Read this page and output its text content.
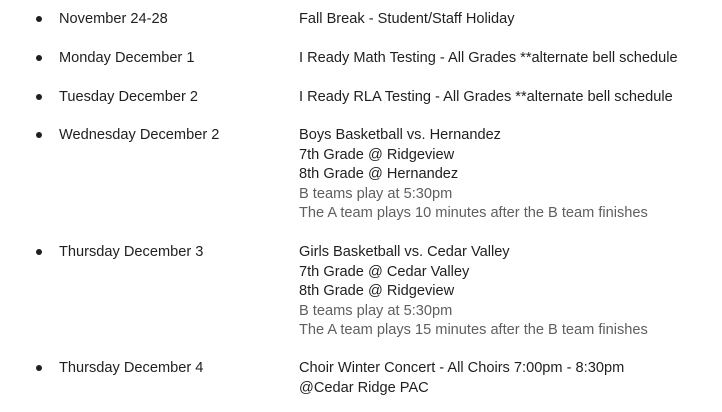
November 24-28	Fall Break - Student/Staff Holiday
Monday December 1	I Ready Math Testing - All Grades **alternate bell schedule
Tuesday December 2	I Ready RLA Testing - All Grades **alternate bell schedule
Wednesday December 2	Boys Basketball vs. Hernandez
7th Grade @ Ridgeview
8th Grade @ Hernandez
B teams play at 5:30pm
The A team plays 10 minutes after the B team finishes
Thursday December 3	Girls Basketball vs. Cedar Valley
7th Grade @ Cedar Valley
8th Grade @ Ridgeview
B teams play at 5:30pm
The A team plays 15 minutes after the B team finishes
Thursday December 4	Choir Winter Concert - All Choirs 7:00pm - 8:30pm
@Cedar Ridge PAC
